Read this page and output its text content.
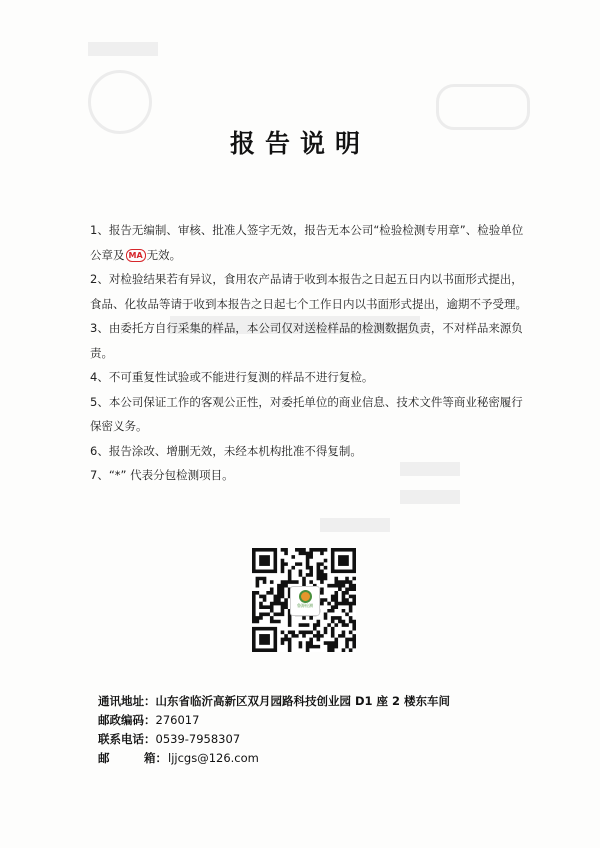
报告说明
1、报告无编制、审核、批准人签字无效，报告无本公司“检验检测专用章”、检验单位公章及 MA 无效。
2、对检验结果若有异议，食用农产品请于收到本报告之日起五日内以书面形式提出，食品、化妆品等请于收到本报告之日起七个工作日内以书面形式提出，逾期不予受理。
3、由委托方自行采集的样品，本公司仅对送检样品的检测数据负责，不对样品来源负责。
4、不可重复性试验或不能进行复测的样品不进行复检。
5、本公司保证工作的客观公正性，对委托单位的商业信息、技术文件等商业秘密履行保密义务。
6、报告涂改、增删无效，未经本机构批准不得复制。
7、“*” 代表分包检测项目。
鲁源检测
通讯地址：山东省临沂高新区双月园路科技创业园 D1 座 2 楼东车间
邮政编码：276017
联系电话：0539-7958307
邮	箱：ljjcgs@126.com
